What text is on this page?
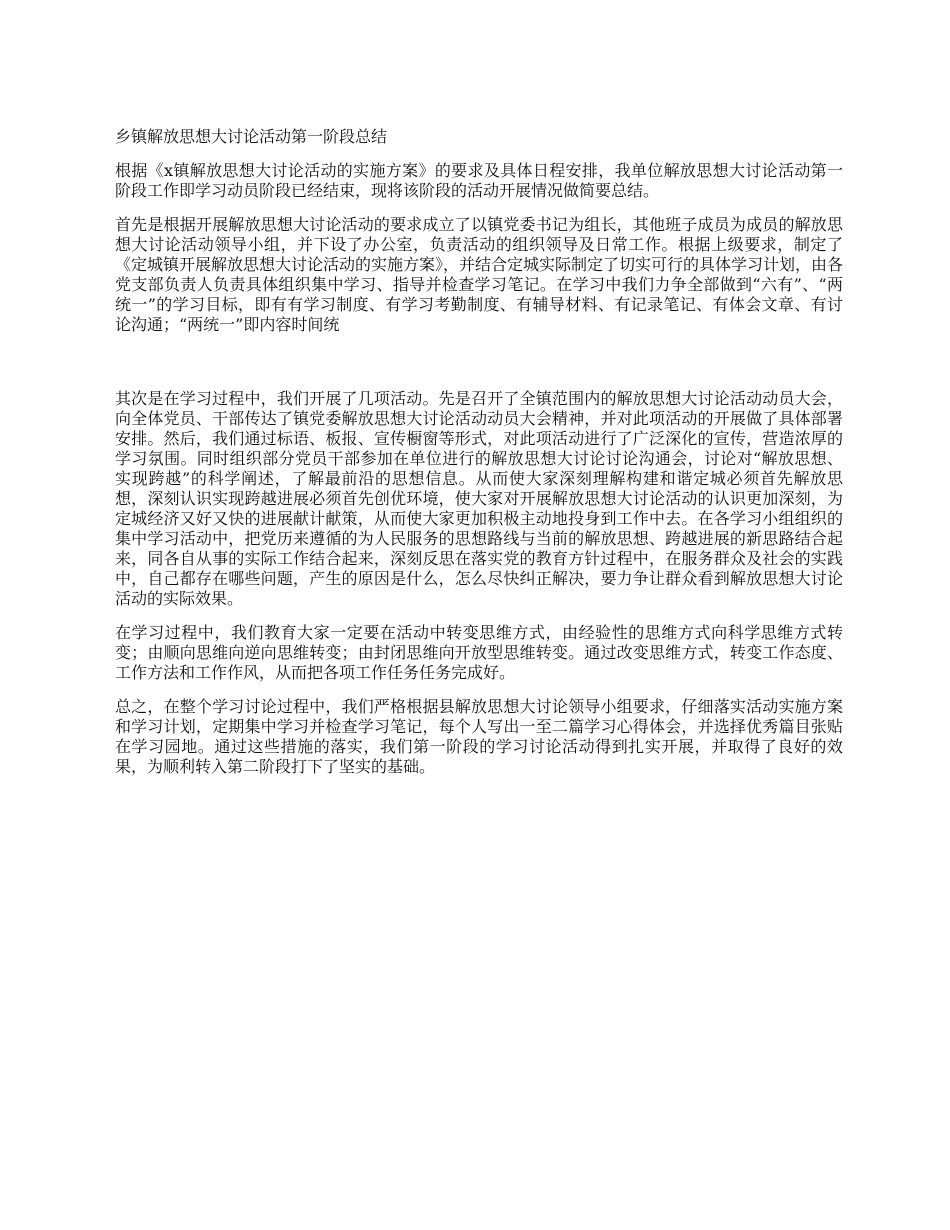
乡镇解放思想大讨论活动第一阶段总结

根据《x镇解放思想大讨论活动的实施方案》的要求及具体日程安排，我单位解放思想大讨论活动第一阶段工作即学习动员阶段已经结束，现将该阶段的活动开展情况做简要总结。

首先是根据开展解放思想大讨论活动的要求成立了以镇党委书记为组长，其他班子成员为成员的解放思想大讨论活动领导小组，并下设了办公室，负责活动的组织领导及日常工作。根据上级要求，制定了《定城镇开展解放思想大讨论活动的实施方案》，并结合定城实际制定了切实可行的具体学习计划，由各党支部负责人负责具体组织集中学习、指导并检查学习笔记。在学习中我们力争全部做到“六有”、“两统一”的学习目标，即有有学习制度、有学习考勤制度、有辅导材料、有记录笔记、有体会文章、有讨论沟通；“两统一”即内容时间统

其次是在学习过程中，我们开展了几项活动。先是召开了全镇范围内的解放思想大讨论活动动员大会，向全体党员、干部传达了镇党委解放思想大讨论活动动员大会精神，并对此项活动的开展做了具体部署安排。然后，我们通过标语、板报、宣传橱窗等形式，对此项活动进行了广泛深化的宣传，营造浓厚的学习氛围。同时组织部分党员干部参加在单位进行的解放思想大讨论讨论沟通会，讨论对“解放思想、实现跨越”的科学阐述，了解最前沿的思想信息。从而使大家深刻理解构建和谐定城必须首先解放思想，深刻认识实现跨越进展必须首先创优环境，使大家对开展解放思想大讨论活动的认识更加深刻，为定城经济又好又快的进展献计献策，从而使大家更加积极主动地投身到工作中去。在各学习小组组织的集中学习活动中，把党历来遵循的为人民服务的思想路线与当前的解放思想、跨越进展的新思路结合起来，同各自从事的实际工作结合起来，深刻反思在落实党的教育方针过程中，在服务群众及社会的实践中，自己都存在哪些问题，产生的原因是什么，怎么尽快纠正解决，要力争让群众看到解放思想大讨论活动的实际效果。

在学习过程中，我们教育大家一定要在活动中转变思维方式，由经验性的思维方式向科学思维方式转变；由顺向思维向逆向思维转变；由封闭思维向开放型思维转变。通过改变思维方式，转变工作态度、工作方法和工作作风，从而把各项工作任务任务完成好。

总之，在整个学习讨论过程中，我们严格根据县解放思想大讨论领导小组要求，仔细落实活动实施方案和学习计划，定期集中学习并检查学习笔记，每个人写出一至二篇学习心得体会，并选择优秀篇目张贴在学习园地。通过这些措施的落实，我们第一阶段的学习讨论活动得到扎实开展，并取得了良好的效果，为顺利转入第二阶段打下了坚实的基础。
